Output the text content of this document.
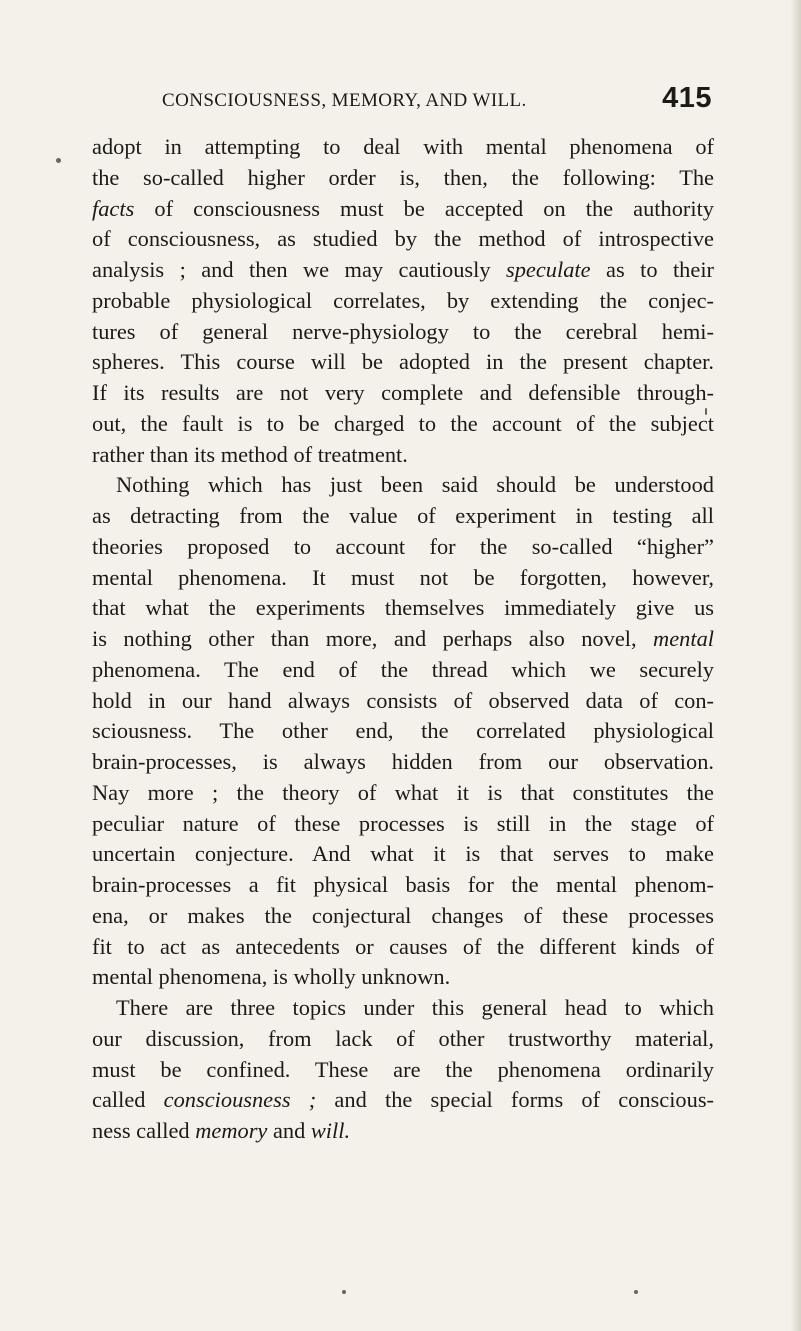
CONSCIOUSNESS, MEMORY, AND WILL.	415
adopt in attempting to deal with mental phenomena of
the so-called higher order is, then, the following: The
facts of consciousness must be accepted on the authority
of consciousness, as studied by the method of introspective
analysis ; and then we may cautiously speculate as to their
probable physiological correlates, by extending the conjec-
tures of general nerve-physiology to the cerebral hemi-
spheres. This course will be adopted in the present chapter.
If its results are not very complete and defensible through-
out, the fault is to be charged to the account of the subject
rather than its method of treatment.
Nothing which has just been said should be understood
as detracting from the value of experiment in testing all
theories proposed to account for the so-called “higher”
mental phenomena. It must not be forgotten, however,
that what the experiments themselves immediately give us
is nothing other than more, and perhaps also novel, mental
phenomena. The end of the thread which we securely
hold in our hand always consists of observed data of con-
sciousness. The other end, the correlated physiological
brain-processes, is always hidden from our observation.
Nay more ; the theory of what it is that constitutes the
peculiar nature of these processes is still in the stage of
uncertain conjecture. And what it is that serves to make
brain-processes a fit physical basis for the mental phenom-
ena, or makes the conjectural changes of these processes
fit to act as antecedents or causes of the different kinds of
mental phenomena, is wholly unknown.
There are three topics under this general head to which
our discussion, from lack of other trustworthy material,
must be confined. These are the phenomena ordinarily
called consciousness ; and the special forms of conscious-
ness called memory and will.
